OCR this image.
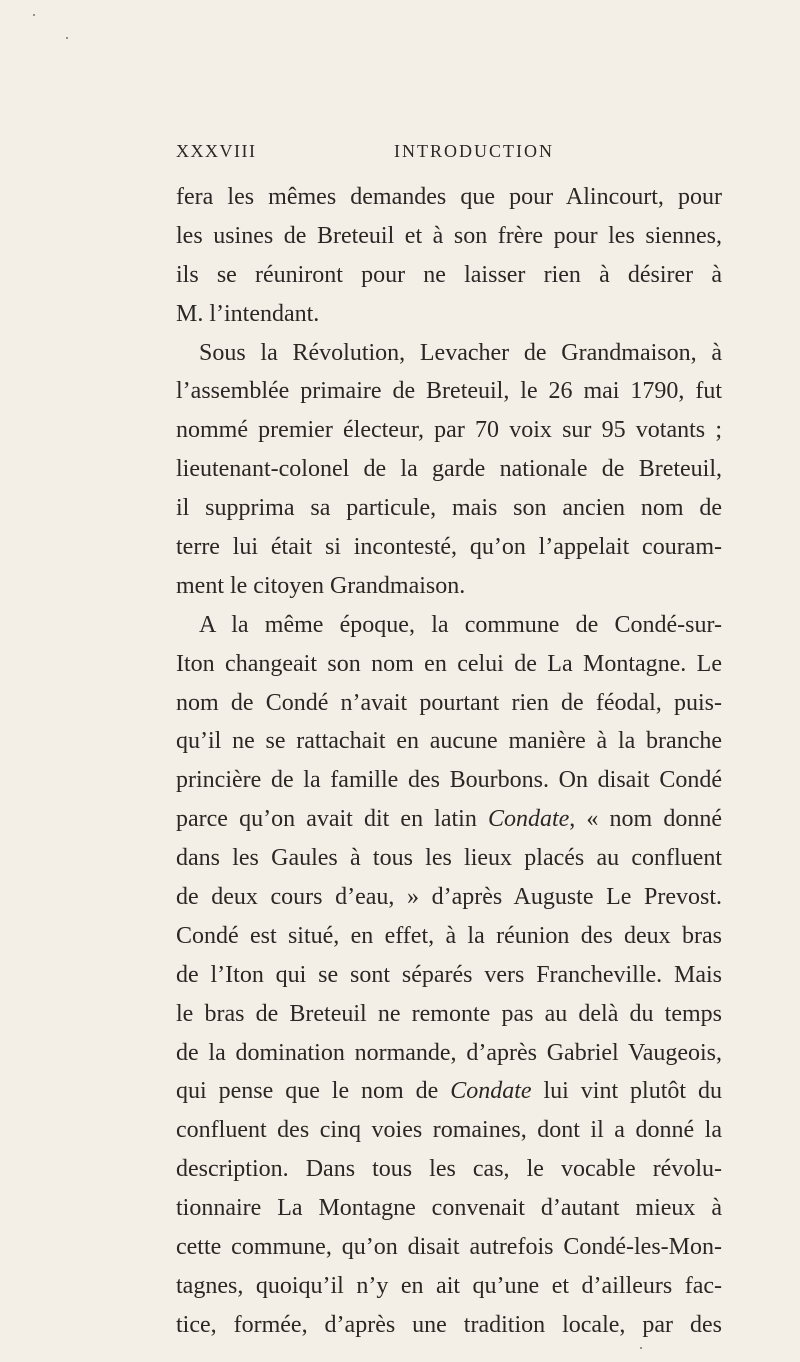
XXXVIII	INTRODUCTION
fera les mêmes demandes que pour Alincourt, pour
les usines de Breteuil et à son frère pour les siennes,
ils se réuniront pour ne laisser rien à désirer à
M. l’intendant.
Sous la Révolution, Levacher de Grandmaison, à
l’assemblée primaire de Breteuil, le 26 mai 1790, fut
nommé premier électeur, par 70 voix sur 95 votants ;
lieutenant-colonel de la garde nationale de Breteuil,
il supprima sa particule, mais son ancien nom de
terre lui était si incontesté, qu’on l’appelait couram-
ment le citoyen Grandmaison.
A la même époque, la commune de Condé-sur-
Iton changeait son nom en celui de La Montagne. Le
nom de Condé n’avait pourtant rien de féodal, puis-
qu’il ne se rattachait en aucune manière à la branche
princière de la famille des Bourbons. On disait Condé
parce qu’on avait dit en latin Condate, « nom donné
dans les Gaules à tous les lieux placés au confluent
de deux cours d’eau, » d’après Auguste Le Prevost.
Condé est situé, en effet, à la réunion des deux bras
de l’Iton qui se sont séparés vers Francheville. Mais
le bras de Breteuil ne remonte pas au delà du temps
de la domination normande, d’après Gabriel Vaugeois,
qui pense que le nom de Condate lui vint plutôt du
confluent des cinq voies romaines, dont il a donné la
description. Dans tous les cas, le vocable révolu-
tionnaire La Montagne convenait d’autant mieux à
cette commune, qu’on disait autrefois Condé-les-Mon-
tagnes, quoiqu’il n’y en ait qu’une et d’ailleurs fac-
tice, formée, d’après une tradition locale, par des
